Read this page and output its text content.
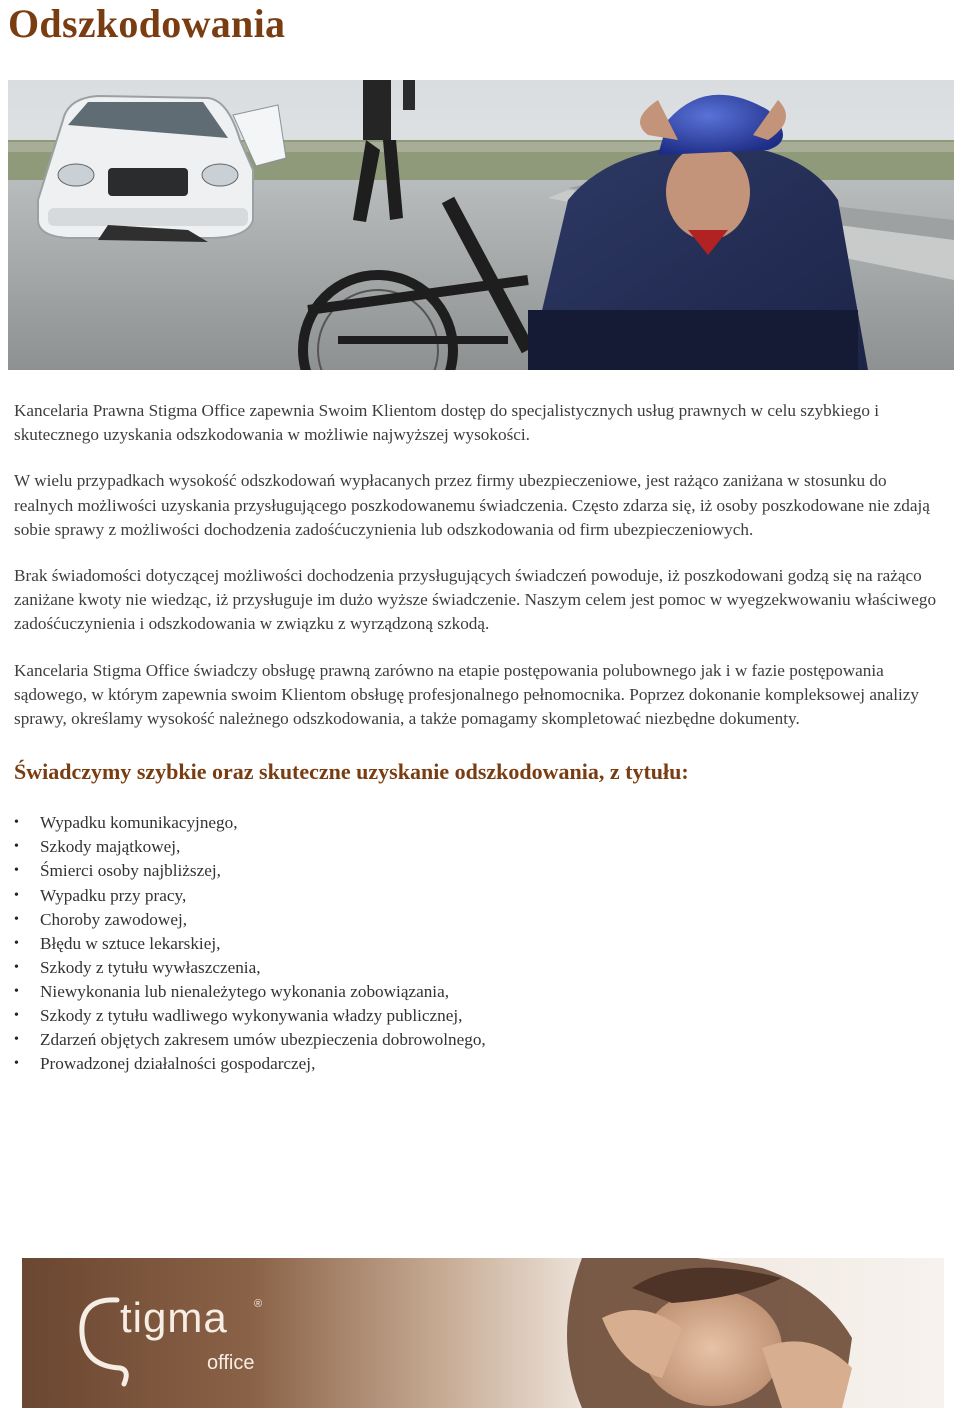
Odszkodowania

Kancelaria Prawna Stigma Office zapewnia Swoim Klientom dostęp do specjalistycznych usług prawnych w celu szybkiego i skutecznego uzyskania odszkodowania w możliwie najwyższej wysokości.

W wielu przypadkach wysokość odszkodowań wypłacanych przez firmy ubezpieczeniowe, jest rażąco zaniżana w stosunku do realnych możliwości uzyskania przysługującego poszkodowanemu świadczenia. Często zdarza się, iż osoby poszkodowane nie zdają sobie sprawy z możliwości dochodzenia zadośćuczynienia lub odszkodowania od firm ubezpieczeniowych.

Brak świadomości dotyczącej możliwości dochodzenia przysługujących świadczeń powoduje, iż poszkodowani godzą się na rażąco zaniżane kwoty nie wiedząc, iż przysługuje im dużo wyższe świadczenie. Naszym celem jest pomoc w wyegzekwowaniu właściwego zadośćuczynienia i odszkodowania w związku z wyrządzoną szkodą.

Kancelaria Stigma Office świadczy obsługę prawną zarówno na etapie postępowania polubownego jak i w fazie postępowania sądowego, w którym zapewnia swoim Klientom obsługę profesjonalnego pełnomocnika. Poprzez dokonanie kompleksowej analizy sprawy, określamy wysokość należnego odszkodowania, a także pomagamy skompletować niezbędne dokumenty.

Świadczymy szybkie oraz skuteczne uzyskanie odszkodowania, z tytułu:
• Wypadku komunikacyjnego,
• Szkody majątkowej,
• Śmierci osoby najbliższej,
• Wypadku przy pracy,
• Choroby zawodowej,
• Błędu w sztuce lekarskiej,
• Szkody z tytułu wywłaszczenia,
• Niewykonania lub nienależytego wykonania zobowiązania,
• Szkody z tytułu wadliwego wykonywania władzy publicznej,
• Zdarzeń objętych zakresem umów ubezpieczenia dobrowolnego,
• Prowadzonej działalności gospodarczej,
tigma ®
office
